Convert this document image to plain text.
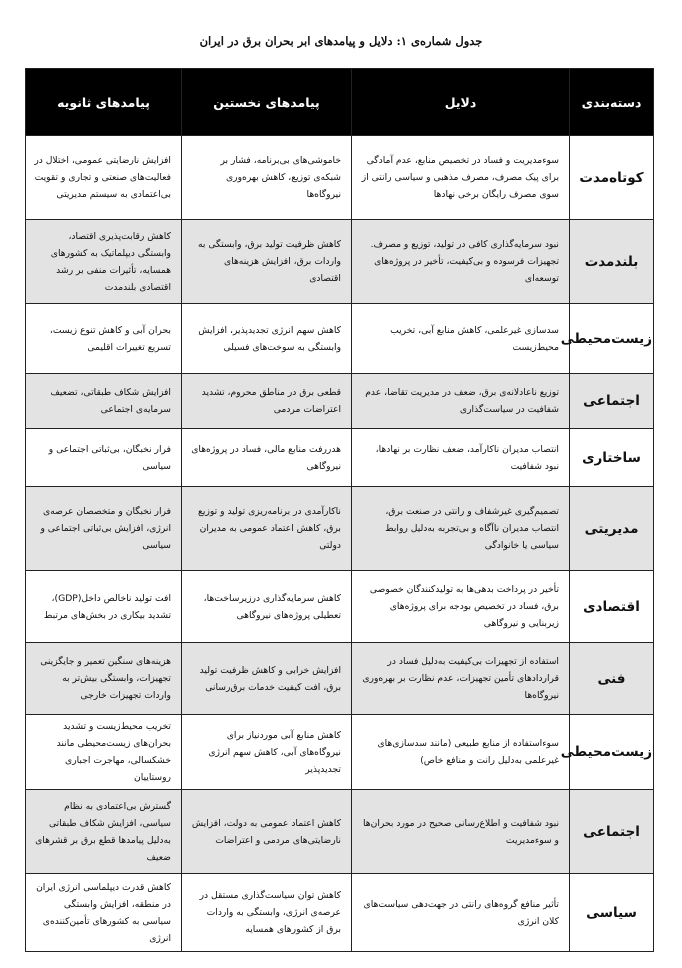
جدول شماره‌ی ۱: دلایل و پیامدهای ابر بحران برق در ایران
دسته‌بندی	دلایل	پیامدهای نخستین	پیامدهای ثانویه
کوتاه‌مدت	سوءمدیریت و فساد در تخصیص منابع، عدم آمادگی برای پیک مصرف، مصرف مذهبی و سیاسی رانتی از سوی مصرف رایگان برخی نهادها	خاموشی‌های بی‌برنامه، فشار بر شبکه‌ی توزیع، کاهش بهره‌وری نیروگاه‌ها	افزایش نارضایتی عمومی، اختلال در فعالیت‌های صنعتی و تجاری و تقویت بی‌اعتمادی به سیستم مدیریتی
بلندمدت	نبود سرمایه‌گذاری کافی در تولید، توزیع و مصرف. تجهیزات فرسوده و بی‌کیفیت، تأخیر در پروژه‌های توسعه‌ای	کاهش ظرفیت تولید برق، وابستگی به واردات برق، افزایش هزینه‌های اقتصادی	کاهش رقابت‌پذیری اقتصاد، وابستگی دیپلماتیک به کشورهای همسایه، تأثیرات منفی بر رشد اقتصادی بلندمدت
زیست‌محیطی	سدسازی غیرعلمی، کاهش منابع آبی، تخریب محیط‌زیست	کاهش سهم انرژی تجدیدپذیر، افزایش وابستگی به سوخت‌های فسیلی	بحران آبی و کاهش تنوع زیست، تسریع تغییرات اقلیمی
اجتماعی	توزیع ناعادلانه‌ی برق، ضعف در مدیریت تقاضا، عدم شفافیت در سیاست‌گذاری	قطعی برق در مناطق محروم، تشدید اعتراضات مردمی	افزایش شکاف طبقاتی، تضعیف سرمایه‌ی اجتماعی
ساختاری	انتصاب مدیران ناکارآمد، ضعف نظارت بر نهادها، نبود شفافیت	هدررفت منابع مالی، فساد در پروژه‌های نیروگاهی	فرار نخبگان، بی‌ثباتی اجتماعی و سیاسی
مدیریتی	تصمیم‌گیری غیرشفاف و رانتی در صنعت برق، انتصاب مدیران ناآگاه و بی‌تجربه به‌دلیل روابط سیاسی یا خانوادگی	ناکارآمدی در برنامه‌ریزی تولید و توزیع برق، کاهش اعتماد عمومی به مدیران دولتی	فرار نخبگان و متخصصان عرصه‌ی انرژی، افزایش بی‌ثباتی اجتماعی و سیاسی
اقتصادی	تأخیر در پرداخت بدهی‌ها به تولیدکنندگان خصوصی برق، فساد در تخصیص بودجه برای پروژه‌های زیربنایی و نیروگاهی	کاهش سرمایه‌گذاری درزیرساخت‌ها، تعطیلی پروژه‌های نیروگاهی	افت تولید ناخالص داخل(GDP)، تشدید بیکاری در بخش‌های مرتبط
فنی	استفاده از تجهیزات بی‌کیفیت به‌دلیل فساد در قراردادهای تأمین تجهیزات، عدم نظارت بر بهره‌وری نیروگاه‌ها	افزایش خرابی و کاهش ظرفیت تولید برق، افت کیفیت خدمات برق‌رسانی	هزینه‌های سنگین تعمیر و جایگزینی تجهیزات، وابستگی بیش‌تر به واردات تجهیزات خارجی
زیست‌محیطی	سوءاستفاده از منابع طبیعی (مانند سدسازی‌های غیرعلمی به‌دلیل رانت و منافع خاص)	کاهش منابع آبی مورد‌نیاز برای نیروگاه‌های آبی، کاهش سهم انرژی تجدیدپذیر	تخریب محیط‌زیست و تشدید بحران‌های زیست‌محیطی مانند خشکسالی، مهاجرت اجباری روستاییان
اجتماعی	نبود شفافیت و اطلاع‌رسانی صحیح در مورد بحران‌ها و سوءمدیریت	کاهش اعتماد عمومی به دولت، افزایش نارضایتی‌های مردمی و اعتراضات	گسترش بی‌اعتمادی به نظام سیاسی، افزایش شکاف طبقاتی به‌دلیل پیامدها قطع برق بر قشرهای ضعیف
سیاسی	تأثیر منافع گروه‌های رانتی در جهت‌دهی سیاست‌های کلان انرژی	کاهش توان سیاست‌گذاری مستقل در عرصه‌ی انرژی، وابستگی به واردات برق از کشورهای همسایه	کاهش قدرت دیپلماسی انرژی ایران در منطقه، افزایش وابستگی سیاسی به کشورهای تأمین‌کننده‌ی انرژی
